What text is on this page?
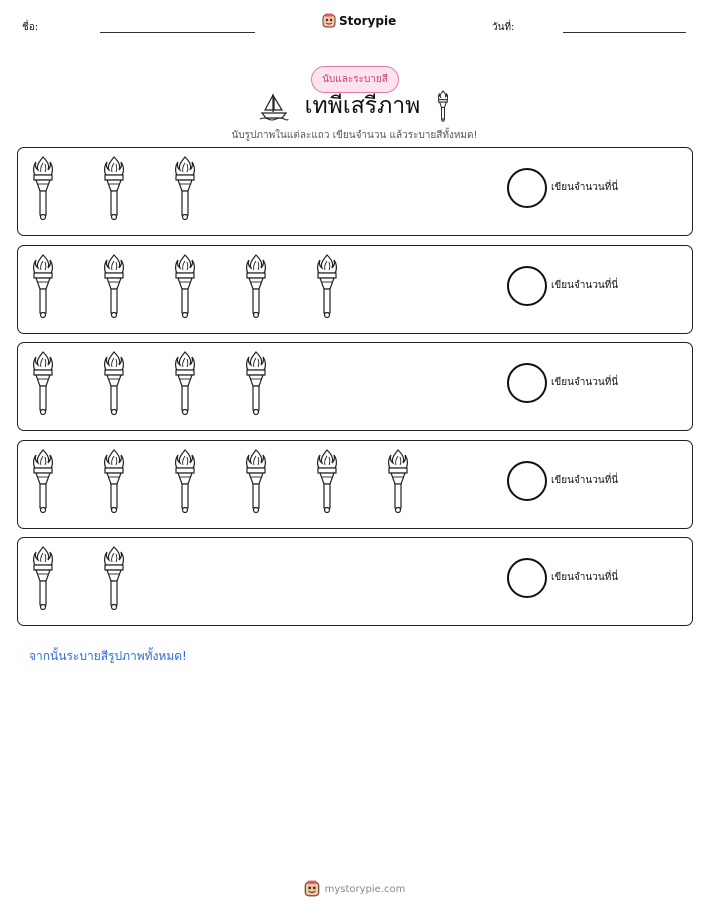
ชื่อ:	Storypie	วันที่:
นับและระบายสี
เทพีเสรีภาพ
นับรูปภาพในแต่ละแถว เขียนจำนวน แล้วระบายสีทั้งหมด!
เขียนจำนวนที่นี่
เขียนจำนวนที่นี่
เขียนจำนวนที่นี่
เขียนจำนวนที่นี่
เขียนจำนวนที่นี่
จากนั้นระบายสีรูปภาพทั้งหมด!
mystorypie.com
